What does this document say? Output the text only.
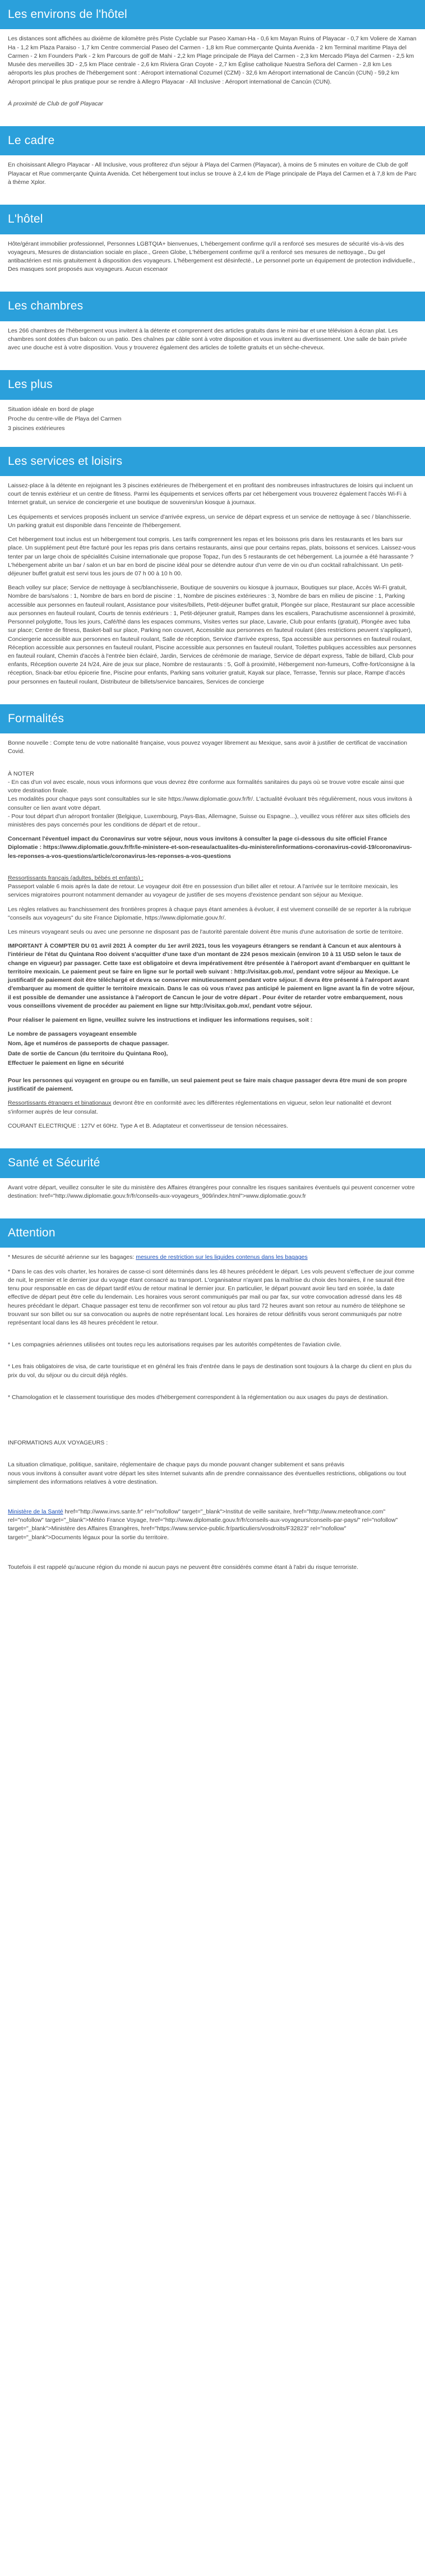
Les environs de l'hôtel

Les distances sont affichées au dixième de kilomètre près Piste Cyclable sur Paseo Xaman-Ha - 0,6 km Mayan Ruins of Playacar - 0,7 km Voliere de Xaman Ha - 1,2 km Plaza Paraiso - 1,7 km Centre commercial Paseo del Carmen - 1,8 km Rue commerçante Quinta Avenida - 2 km Terminal maritime Playa del Carmen - 2 km Founders Park - 2 km Parcours de golf de Mahi - 2,2 km Plage principale de Playa del Carmen - 2,3 km Mercado Playa del Carmen - 2,5 km Musée des merveilles 3D - 2,5 km Place centrale - 2,6 km Riviera Gran Coyote - 2,7 km Église catholique Nuestra Señora del Carmen - 2,8 km Les aéroports les plus proches de l'hébergement sont : Aéroport international Cozumel (CZM) - 32,6 km Aéroport international de Cancún (CUN) - 59,2 km Aéroport principal le plus pratique pour se rendre à Allegro Playacar - All Inclusive : Aéroport international de Cancún (CUN).

À proximité de Club de golf Playacar

Le cadre

En choisissant Allegro Playacar - All Inclusive, vous profiterez d'un séjour à Playa del Carmen (Playacar), à moins de 5 minutes en voiture de Club de golf Playacar et Rue commerçante Quinta Avenida. Cet hébergement tout inclus se trouve à 2,4 km de Plage principale de Playa del Carmen et à 7,8 km de Parc à thème Xplor.

L'hôtel

Hôte/gérant immobilier professionnel, Personnes LGBTQIA+ bienvenues, L'hébergement confirme qu'il a renforcé ses mesures de sécurité vis-à-vis des voyageurs, Mesures de distanciation sociale en place., Green Globe, L'hébergement confirme qu'il a renforcé ses mesures de nettoyage., Du gel antibactérien est mis gratuitement à disposition des voyageurs. L'hébergement est désinfecté., Le personnel porte un équipement de protection individuelle., Des masques sont proposés aux voyageurs. Aucun escenaor

Les chambres

Les 266 chambres de l'hébergement vous invitent à la détente et comprennent des articles gratuits dans le mini-bar et une télévision à écran plat. Les chambres sont dotées d'un balcon ou un patio. Des chaînes par câble sont à votre disposition et vous invitent au divertissement. Une salle de bain privée avec une douche est à votre disposition. Vous y trouverez également des articles de toilette gratuits et un sèche-cheveux.

Les plus

Situation idéale en bord de plage

Proche du centre-ville de Playa del Carmen

3 piscines extérieures

Les services et loisirs

Laissez-place à la détente en rejoignant les 3 piscines extérieures de l'hébergement et en profitant des nombreuses infrastructures de loisirs qui incluent un court de tennis extérieur et un centre de fitness. Parmi les équipements et services offerts par cet hébergement vous trouverez également l'accès Wi-Fi à Internet gratuit, un service de conciergerie et une boutique de souvenirs/un kiosque à journaux.

Les équipements et services proposés incluent un service d'arrivée express, un service de départ express et un service de nettoyage à sec / blanchisserie. Un parking gratuit est disponible dans l'enceinte de l'hébergement.

Cet hébergement tout inclus est un hébergement tout compris. Les tarifs comprennent les repas et les boissons pris dans les restaurants et les bars sur place. Un supplément peut être facturé pour les repas pris dans certains restaurants, ainsi que pour certains repas, plats, boissons et services. Laissez-vous tenter par un large choix de spécialités Cuisine internationale que propose Topaz, l'un des 5 restaurants de cet hébergement. La journée a été harassante ? L'hébergement abrite un bar / salon et un bar en bord de piscine idéal pour se détendre autour d'un verre de vin ou d'un cocktail rafraîchissant. Un petit-déjeuner buffet gratuit est servi tous les jours de 07 h 00 à 10 h 00.

Beach volley sur place; Service de nettoyage à sec/blanchisserie, Boutique de souvenirs ou kiosque à journaux, Boutiques sur place, Accès Wi-Fi gratuit, Nombre de bars/salons : 1, Nombre de bars en bord de piscine : 1, Nombre de piscines extérieures : 3, Nombre de bars en milieu de piscine : 1, Parking accessible aux personnes en fauteuil roulant, Assistance pour visites/billets, Petit-déjeuner buffet gratuit, Plongée sur place, Restaurant sur place accessible aux personnes en fauteuil roulant, Courts de tennis extérieurs : 1, Petit-déjeuner gratuit, Rampes dans les escaliers, Parachutisme ascensionnel à proximité, Personnel polyglotte, Tous les jours, Café/thé dans les espaces communs, Visites vertes sur place, Lavarie, Club pour enfants (gratuit), Plongée avec tuba sur place; Centre de fitness, Basket-ball sur place, Parking non couvert, Accessible aux personnes en fauteuil roulant (des restrictions peuvent s'appliquer), Conciergerie accessible aux personnes en fauteuil roulant, Salle de réception, Service d'arrivée express, Spa accessible aux personnes en fauteuil roulant, Réception accessible aux personnes en fauteuil roulant, Piscine accessible aux personnes en fauteuil roulant, Toilettes publiques accessibles aux personnes en fauteuil roulant, Chemin d'accès à l'entrée bien éclairé, Jardin, Services de cérémonie de mariage, Service de départ express, Table de billard, Club pour enfants, Réception ouverte 24 h/24, Aire de jeux sur place, Nombre de restaurants : 5, Golf à proximité, Hébergement non-fumeurs, Coffre-fort/consigne à la réception, Snack-bar et/ou épicerie fine, Piscine pour enfants, Parking sans voiturier gratuit, Kayak sur place, Terrasse, Tennis sur place, Rampe d'accès pour personnes en fauteuil roulant, Distributeur de billets/service bancaires, Services de concierge

Formalités

Bonne nouvelle : Compte tenu de votre nationalité française, vous pouvez voyager librement au Mexique, sans avoir à justifier de certificat de vaccination Covid.

À NOTER

- En cas d'un vol avec escale, nous vous informons que vous devrez être conforme aux formalités sanitaires du pays où se trouve votre escale ainsi que votre destination finale.

Les modalités pour chaque pays sont consultables sur le site https://www.diplomatie.gouv.fr/fr/. L'actualité évoluant très régulièrement, nous vous invitons à consulter ce lien avant votre départ.

- Pour tout départ d'un aéroport frontalier (Belgique, Luxembourg, Pays-Bas, Allemagne, Suisse ou Espagne...), veuillez vous référer aux sites officiels des ministères des pays concernés pour les conditions de départ et de retour..

Concernant l'éventuel impact du Coronavirus sur votre séjour, nous vous invitons à consulter la page ci-dessous du site officiel France Diplomatie : https://www.diplomatie.gouv.fr/fr/le-ministere-et-son-reseau/actualites-du-ministere/informations-coronavirus-covid-19/coronavirus-les-reponses-a-vos-questions/article/coronavirus-les-reponses-a-vos-questions

Ressortissants français (adultes, bébés et enfants) :

Passeport valable 6 mois après la date de retour. Le voyageur doit être en possession d'un billet aller et retour. A l'arrivée sur le territoire mexicain, les services migratoires pourront notamment demander au voyageur de justifier de ses moyens d'existence pendant son séjour au Mexique.

Les règles relatives au franchissement des frontières propres à chaque pays étant amenées à évoluer, il est vivement conseillé de se reporter à la rubrique "conseils aux voyageurs" du site France Diplomatie, https://www.diplomatie.gouv.fr/.

Les mineurs voyageant seuls ou avec une personne ne disposant pas de l'autorité parentale doivent être munis d'une autorisation de sortie de territoire.

IMPORTANT À COMPTER DU 01 avril 2021 À compter du 1er avril 2021, tous les voyageurs étrangers se rendant à Cancun et aux alentours à l'intérieur de l'état du Quintana Roo doivent s'acquitter d'une taxe d'un montant de 224 pesos mexicain (environ 10 à 11 USD selon le taux de change en vigueur) par passager. Cette taxe est obligatoire et devra impérativement être présentée à l'aéroport avant d'embarquer en quittant le territoire mexicain. Le paiement peut se faire en ligne sur le portail web suivant : http://visitax.gob.mx/, pendant votre séjour au Mexique. Le justificatif de paiement doit être téléchargé et devra se conserver minutieusement pendant votre séjour. Il devra être présenté à l'aéroport avant d'embarquer au moment de quitter le territoire mexicain. Dans le cas où vous n'avez pas anticipé le paiement en ligne avant la fin de votre séjour, il est possible de demander une assistance à l'aéroport de Cancun le jour de votre départ . Pour éviter de retarder votre embarquement, nous vous conseillons vivement de procéder au paiement en ligne sur http://visitax.gob.mx/, pendant votre séjour.

Pour réaliser le paiement en ligne, veuillez suivre les instructions et indiquer les informations requises, soit :

Le nombre de passagers voyageant ensemble

Nom, âge et numéros de passeports de chaque passager.

Date de sortie de Cancun (du territoire du Quintana Roo),

Effectuer le paiement en ligne en sécurité

Pour les personnes qui voyagent en groupe ou en famille, un seul paiement peut se faire mais chaque passager devra être muni de son propre justificatif de paiement.

Ressortissants étrangers et binationaux devront être en conformité avec les différentes réglementations en vigueur, selon leur nationalité et devront s'informer auprès de leur consulat.

COURANT ELECTRIQUE : 127V et 60Hz. Type A et B. Adaptateur et convertisseur de tension nécessaires.

Santé et Sécurité

Avant votre départ, veuillez consulter le site du ministère des Affaires étrangères pour connaître les risques sanitaires éventuels qui peuvent concerner votre destination: href="http://www.diplomatie.gouv.fr/fr/conseils-aux-voyageurs_909/index.html">www.diplomatie.gouv.fr

Attention

* Mesures de sécurité aérienne sur les bagages: mesures de restriction sur les liquides contenus dans les bagages

* Dans le cas des vols charter, les horaires de casse-ci sont déterminés dans les 48 heures précédent le départ. Les vols peuvent s'effectuer de jour comme de nuit, le premier et le dernier jour du voyage étant consacré au transport. L'organisateur n'ayant pas la maîtrise du choix des horaires, il ne saurait être tenu pour responsable en cas de départ tardif et/ou de retour matinal le dernier jour. En particulier, le départ pouvant avoir lieu tard en soirée, la date effective de départ peut être celle du lendemain. Les horaires vous seront communiqués par mail ou par fax, sur votre convocation adressé dans les 48 heures précédant le départ. Chaque passager est tenu de reconfirmer son vol retour au plus tard 72 heures avant son retour au numéro de téléphone se trouvant sur son billet ou sur sa convocation ou auprès de notre représentant local. Les horaires de retour définitifs vous seront communiqués par notre représentant local dans les 48 heures précédent le retour.

* Les compagnies aériennes utilisées ont toutes reçu les autorisations requises par les autorités compétentes de l'aviation civile.

* Les frais obligatoires de visa, de carte touristique et en général les frais d'entrée dans le pays de destination sont toujours à la charge du client en plus du prix du vol, du séjour ou du circuit déjà réglés.

* Chamologation et le classement touristique des modes d'hébergement correspondent à la réglementation ou aux usages du pays de destination.

INFORMATIONS AUX VOYAGEURS :

La situation climatique, politique, sanitaire, réglementaire de chaque pays du monde pouvant changer subitement et sans préavis

nous vous invitons à consulter avant votre départ les sites Internet suivants afin de prendre connaissance des éventuelles restrictions, obligations ou tout simplement des informations relatives à votre destination.

Ministère de la Santé href="http://www.invs.sante.fr" rel="nofollow" target="_blank">Institut de veille sanitaire, href="http://www.meteofrance.com" rel="nofollow" target="_blank">Météo France Voyage, href="http://www.diplomatie.gouv.fr/fr/conseils-aux-voyageurs/conseils-par-pays/" rel="nofollow" target="_blank">Ministère des Affaires Étrangères, href="https://www.service-public.fr/particuliers/vosdroits/F32823" rel="nofollow" target="_blank">Documents légaux pour la sortie du territoire.

Toutefois il est rappelé qu'aucune région du monde ni aucun pays ne peuvent être considérés comme étant à l'abri du risque terroriste.
